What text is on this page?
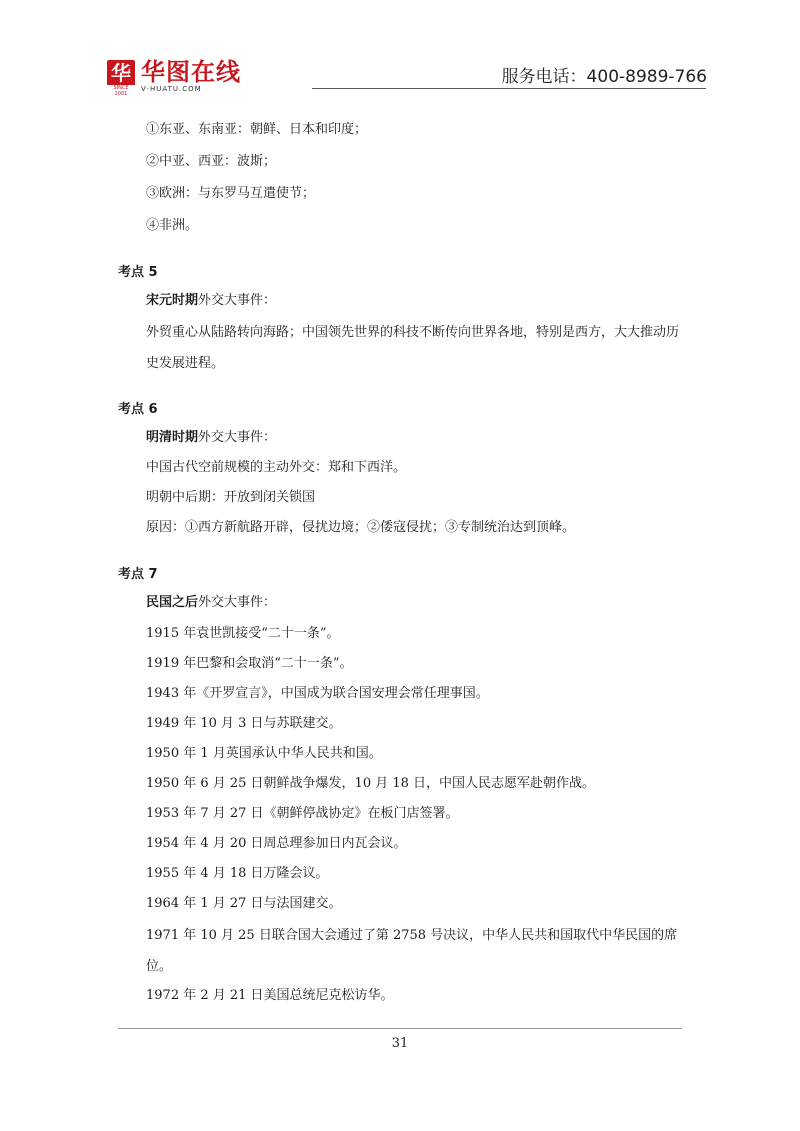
华
SINCE 2001
华图在线
V·HUATU.COM
服务电话：400-8989-766
①东亚、东南亚：朝鲜、日本和印度；
②中亚、西亚：波斯；
③欧洲：与东罗马互遣使节；
④非洲。
考点 5
宋元时期外交大事件：
外贸重心从陆路转向海路；中国领先世界的科技不断传向世界各地，特别是西方，大大推动历史发展进程。
考点 6
明清时期外交大事件：
中国古代空前规模的主动外交：郑和下西洋。
明朝中后期：开放到闭关锁国
原因：①西方新航路开辟，侵扰边境；②倭寇侵扰；③专制统治达到顶峰。
考点 7
民国之后外交大事件：
1915 年袁世凯接受“二十一条”。
1919 年巴黎和会取消“二十一条”。
1943 年《开罗宣言》，中国成为联合国安理会常任理事国。
1949 年 10 月 3 日与苏联建交。
1950 年 1 月英国承认中华人民共和国。
1950 年 6 月 25 日朝鲜战争爆发，10 月 18 日，中国人民志愿军赴朝作战。
1953 年 7 月 27 日《朝鲜停战协定》在板门店签署。
1954 年 4 月 20 日周总理参加日内瓦会议。
1955 年 4 月 18 日万隆会议。
1964 年 1 月 27 日与法国建交。
1971 年 10 月 25 日联合国大会通过了第 2758 号决议，中华人民共和国取代中华民国的席位。
1972 年 2 月 21 日美国总统尼克松访华。
31
